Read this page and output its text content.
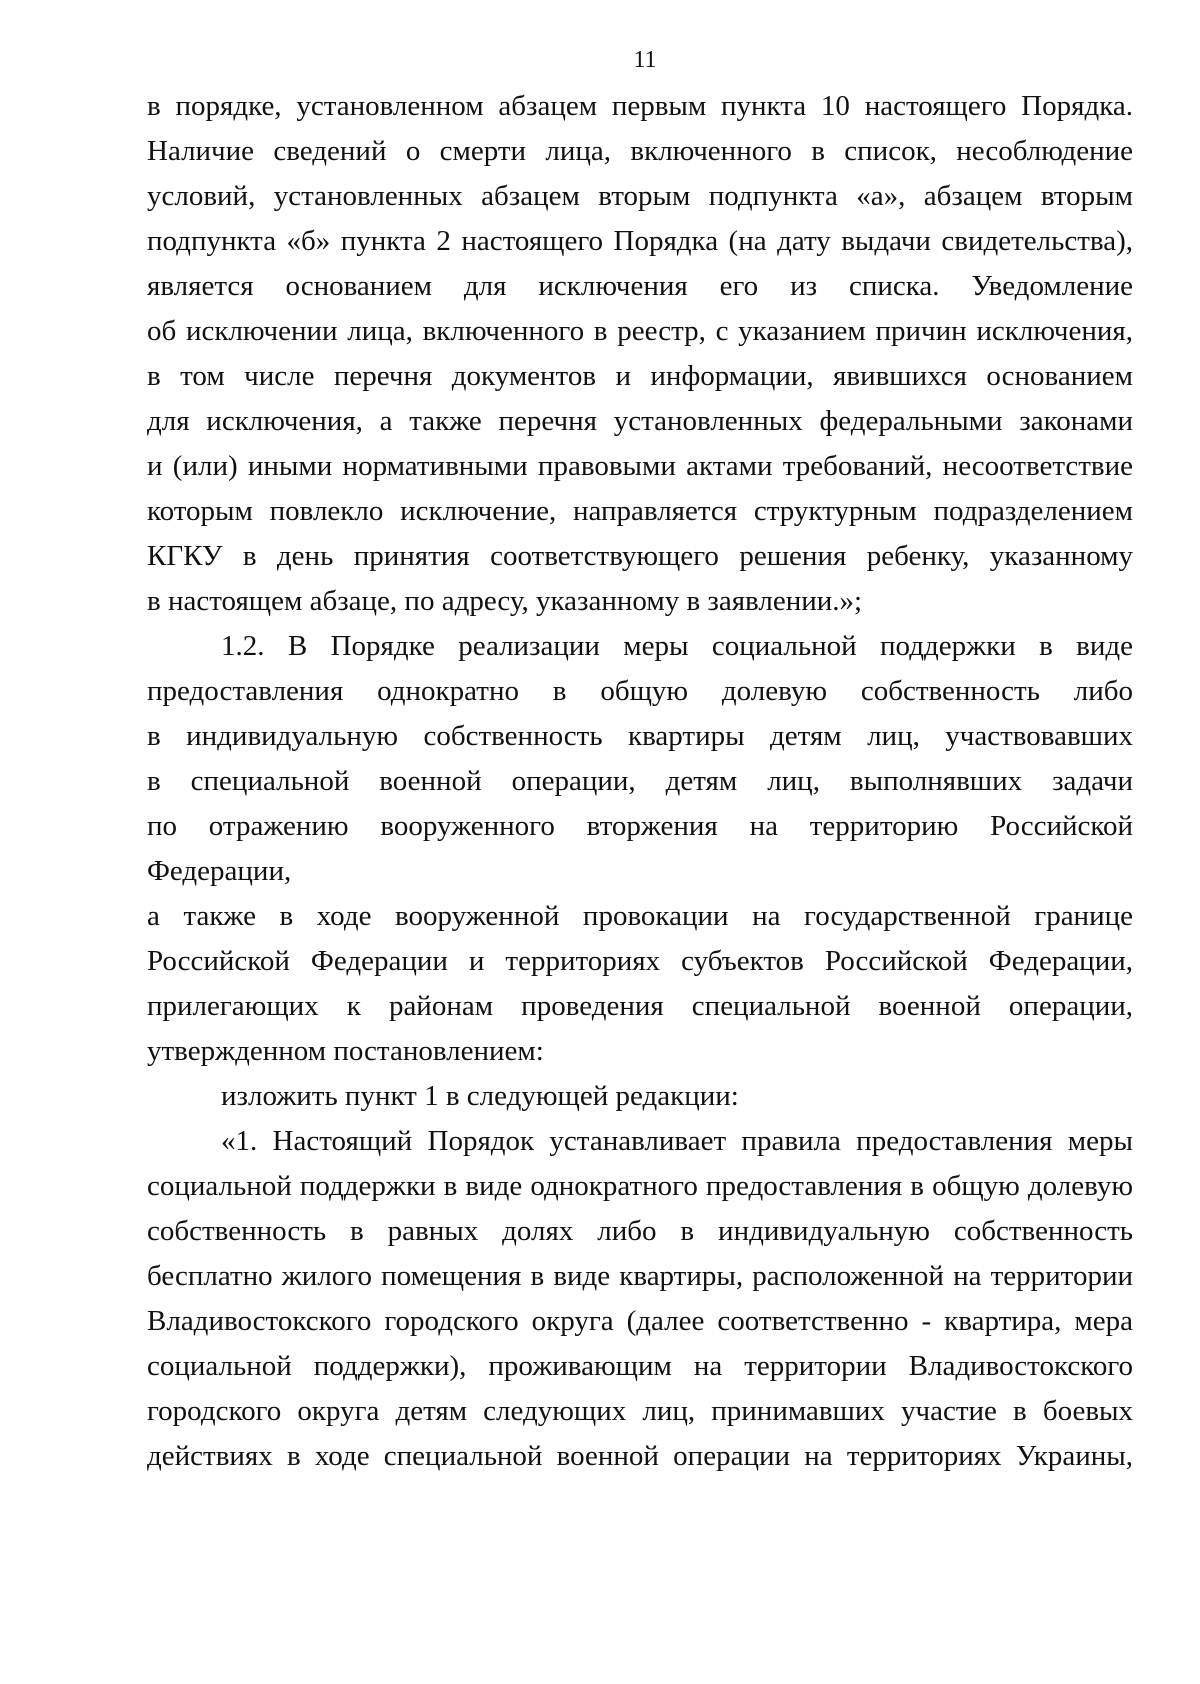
11

в порядке, установленном абзацем первым пункта 10 настоящего Порядка.

Наличие сведений о смерти лица, включенного в список, несоблюдение

условий, установленных абзацем вторым подпункта «а», абзацем вторым

подпункта «б» пункта 2 настоящего Порядка (на дату выдачи свидетельства),

является основанием для исключения его из списка. Уведомление

об исключении лица, включенного в реестр, с указанием причин исключения,

в том числе перечня документов и информации, явившихся основанием

для исключения, а также перечня установленных федеральными законами

и (или) иными нормативными правовыми актами требований, несоответствие

которым повлекло исключение, направляется структурным подразделением

КГКУ в день принятия соответствующего решения ребенку, указанному

в настоящем абзаце, по адресу, указанному в заявлении.»;

1.2. В Порядке реализации меры социальной поддержки в виде

предоставления однократно в общую долевую собственность либо

в индивидуальную собственность квартиры детям лиц, участвовавших

в специальной военной операции, детям лиц, выполнявших задачи

по отражению вооруженного вторжения на территорию Российской Федерации,

а также в ходе вооруженной провокации на государственной границе

Российской Федерации и территориях субъектов Российской Федерации,

прилегающих к районам проведения специальной военной операции,

утвержденном постановлением:

изложить пункт 1 в следующей редакции:

«1. Настоящий Порядок устанавливает правила предоставления меры

социальной поддержки в виде однократного предоставления в общую долевую

собственность в равных долях либо в индивидуальную собственность

бесплатно жилого помещения в виде квартиры, расположенной на территории

Владивостокского городского округа (далее соответственно - квартира, мера

социальной поддержки), проживающим на территории Владивостокского

городского округа детям следующих лиц, принимавших участие в боевых

действиях в ходе специальной военной операции на территориях Украины,
